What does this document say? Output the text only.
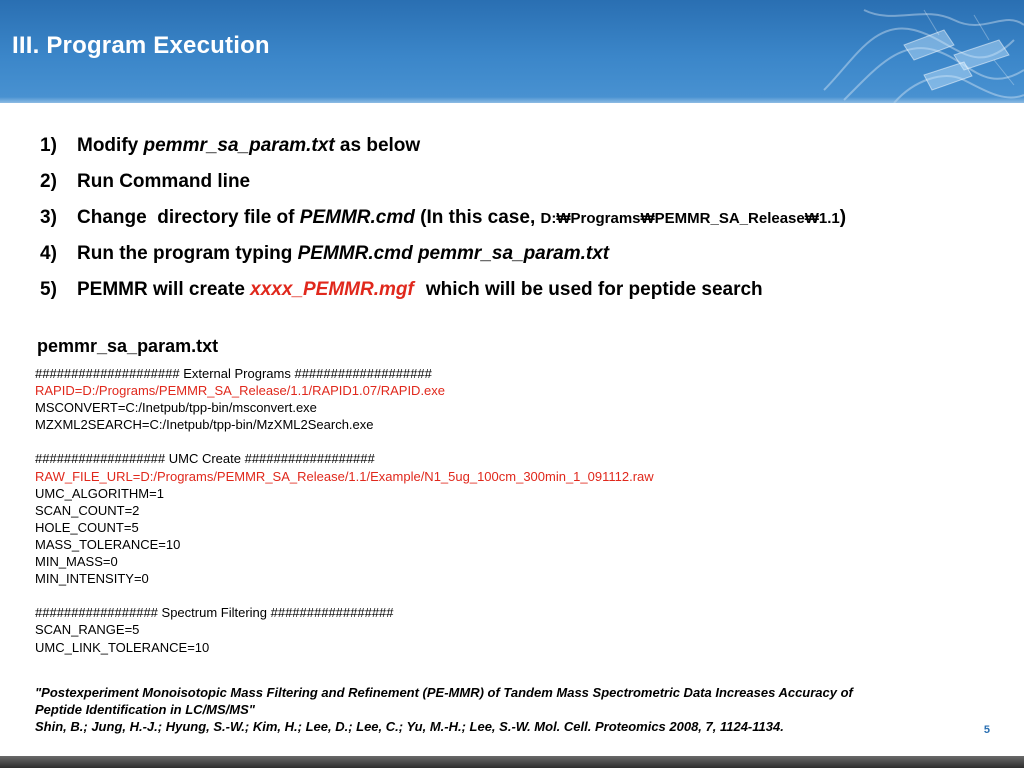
III. Program Execution
1)	Modify pemmr_sa_param.txt as below
2)	Run Command line
3)	Change  directory file of PEMMR.cmd (In this case, D:₩Programs₩PEMMR_SA_Release₩1.1 )
4)	Run the program typing PEMMR.cmd pemmr_sa_param.txt
5)	PEMMR will create xxxx_PEMMR.mgf which will be used for peptide search
pemmr_sa_param.txt
#################### External Programs ###################
RAPID=D:/Programs/PEMMR_SA_Release/1.1/RAPID1.07/RAPID.exe
MSCONVERT=C:/Inetpub/tpp-bin/msconvert.exe
MZXML2SEARCH=C:/Inetpub/tpp-bin/MzXML2Search.exe
################## UMC Create ##################
RAW_FILE_URL=D:/Programs/PEMMR_SA_Release/1.1/Example/N1_5ug_100cm_300min_1_091112.raw
UMC_ALGORITHM=1
SCAN_COUNT=2
HOLE_COUNT=5
MASS_TOLERANCE=10
MIN_MASS=0
MIN_INTENSITY=0
################# Spectrum Filtering #################
SCAN_RANGE=5
UMC_LINK_TOLERANCE=10
"Postexperiment Monoisotopic Mass Filtering and Refinement (PE-MMR) of Tandem Mass Spectrometric Data Increases Accuracy of
Peptide Identification in LC/MS/MS"
Shin, B.; Jung, H.-J.; Hyung, S.-W.; Kim, H.; Lee, D.; Lee, C.; Yu, M.-H.; Lee, S.-W. Mol. Cell. Proteomics 2008, 7, 1124-1134.	5
